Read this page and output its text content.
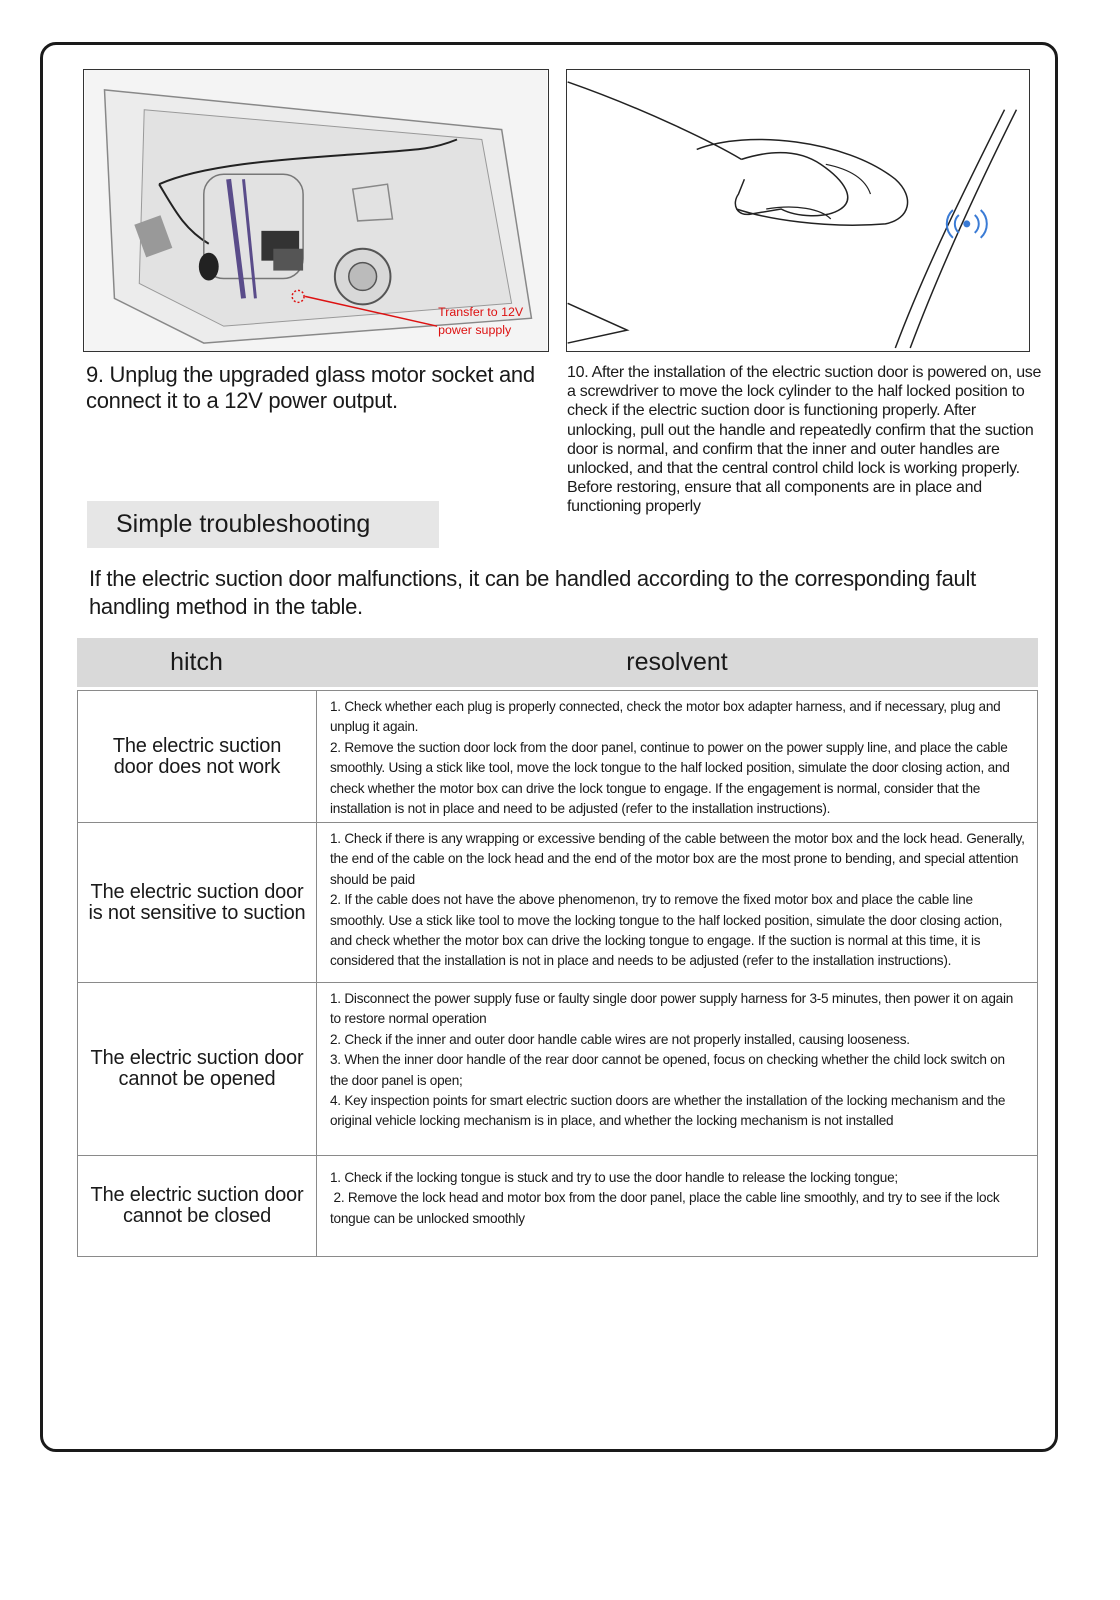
Transfer to 12V
power supply
9. Unplug the upgraded glass motor socket and connect it to a 12V power output.
10. After the installation of the electric suction door is powered on, use a screwdriver to move the lock cylinder to the half locked position to check if the electric suction door is functioning properly. After unlocking, pull out the handle and repeatedly confirm that the suction door is normal, and confirm that the inner and outer handles are unlocked, and that the central control child lock is working properly. Before restoring, ensure that all components are in place and functioning properly
Simple troubleshooting
If the electric suction door malfunctions, it can be handled according to the corresponding fault handling method in the table.
hitch	resolvent
The electric suction
door does not work
1. Check whether each plug is properly connected, check the motor box adapter harness, and if necessary, plug and unplug it again.
2. Remove the suction door lock from the door panel, continue to power on the power supply line, and place the cable smoothly. Using a stick like tool, move the lock tongue to the half locked position, simulate the door closing action, and check whether the motor box can drive the lock tongue to engage. If the engagement is normal, consider that the installation is not in place and need to be adjusted (refer to the installation instructions).
The electric suction door
is not sensitive to suction
1. Check if there is any wrapping or excessive bending of the cable between the motor box and the lock head. Generally, the end of the cable on the lock head and the end of the motor box are the most prone to bending, and special attention should be paid
2. If the cable does not have the above phenomenon, try to remove the fixed motor box and place the cable line smoothly. Use a stick like tool to move the locking tongue to the half locked position, simulate the door closing action, and check whether the motor box can drive the locking tongue to engage. If the suction is normal at this time, it is considered that the installation is not in place and needs to be adjusted (refer to the installation instructions).
The electric suction door
cannot be opened
1. Disconnect the power supply fuse or faulty single door power supply harness for 3-5 minutes, then power it on again to restore normal operation
2. Check if the inner and outer door handle cable wires are not properly installed, causing looseness.
3. When the inner door handle of the rear door cannot be opened, focus on checking whether the child lock switch on the door panel is open;
4. Key inspection points for smart electric suction doors are whether the installation of the locking mechanism and the original vehicle locking mechanism is in place, and whether the locking mechanism is not installed
The electric suction door
cannot be closed
1. Check if the locking tongue is stuck and try to use the door handle to release the locking tongue;
2. Remove the lock head and motor box from the door panel, place the cable line smoothly, and try to see if the lock tongue can be unlocked smoothly
